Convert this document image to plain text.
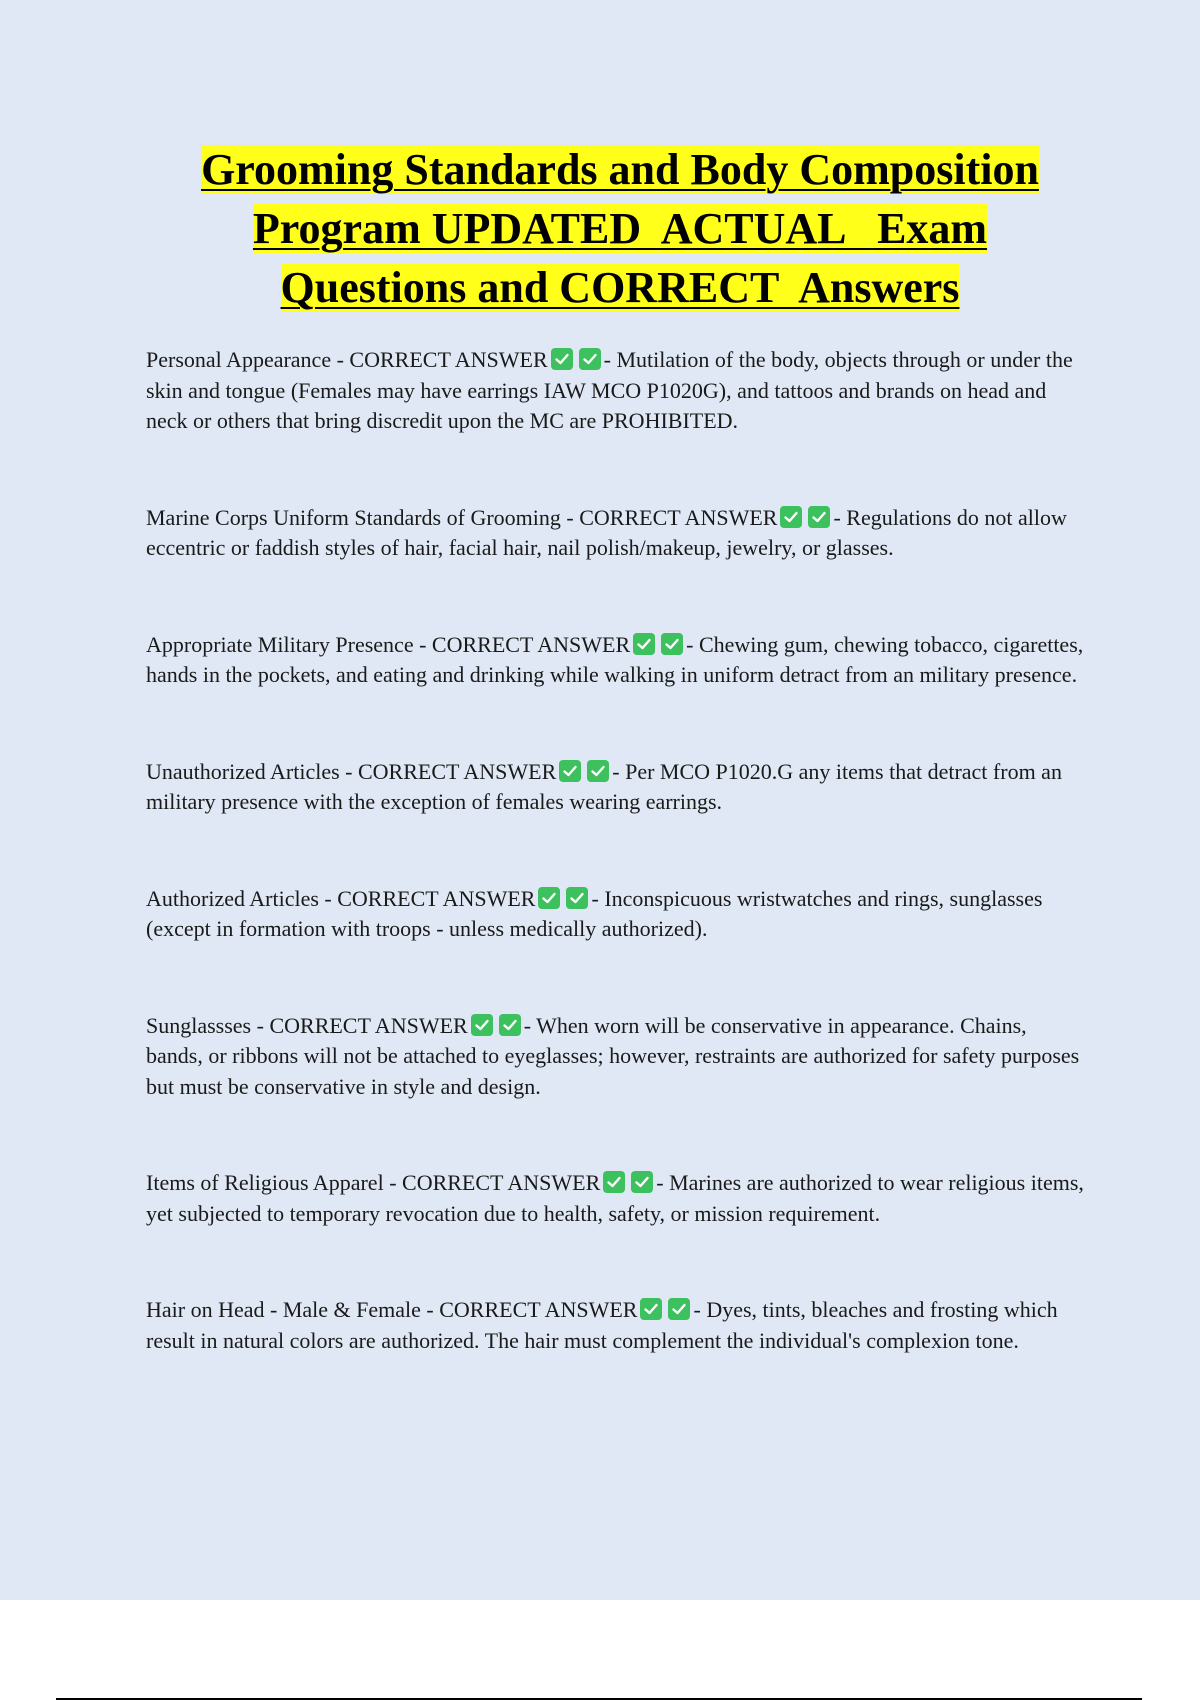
Grooming Standards and Body Composition
Program UPDATED  ACTUAL   Exam
Questions and CORRECT  Answers
Personal Appearance - CORRECT ANSWER	- Mutilation of the body, objects through or under the skin and tongue (Females may have earrings IAW MCO P1020G), and tattoos and brands on head and neck or others that bring discredit upon the MC are PROHIBITED.
Marine Corps Uniform Standards of Grooming - CORRECT ANSWER	- Regulations do not allow eccentric or faddish styles of hair, facial hair, nail polish/makeup, jewelry, or glasses.
Appropriate Military Presence - CORRECT ANSWER	- Chewing gum, chewing tobacco, cigarettes, hands in the pockets, and eating and drinking while walking in uniform detract from an military presence.
Unauthorized Articles - CORRECT ANSWER	- Per MCO P1020.G any items that detract from an military presence with the exception of females wearing earrings.
Authorized Articles - CORRECT ANSWER	- Inconspicuous wristwatches and rings, sunglasses (except in formation with troops - unless medically authorized).
Sunglassses - CORRECT ANSWER	- When worn will be conservative in appearance. Chains, bands, or ribbons will not be attached to eyeglasses; however, restraints are authorized for safety purposes but must be conservative in style and design.
Items of Religious Apparel - CORRECT ANSWER	- Marines are authorized to wear religious items, yet subjected to temporary revocation due to health, safety, or mission requirement.
Hair on Head - Male & Female - CORRECT ANSWER	- Dyes, tints, bleaches and frosting which result in natural colors are authorized. The hair must complement the individual's complexion tone.
